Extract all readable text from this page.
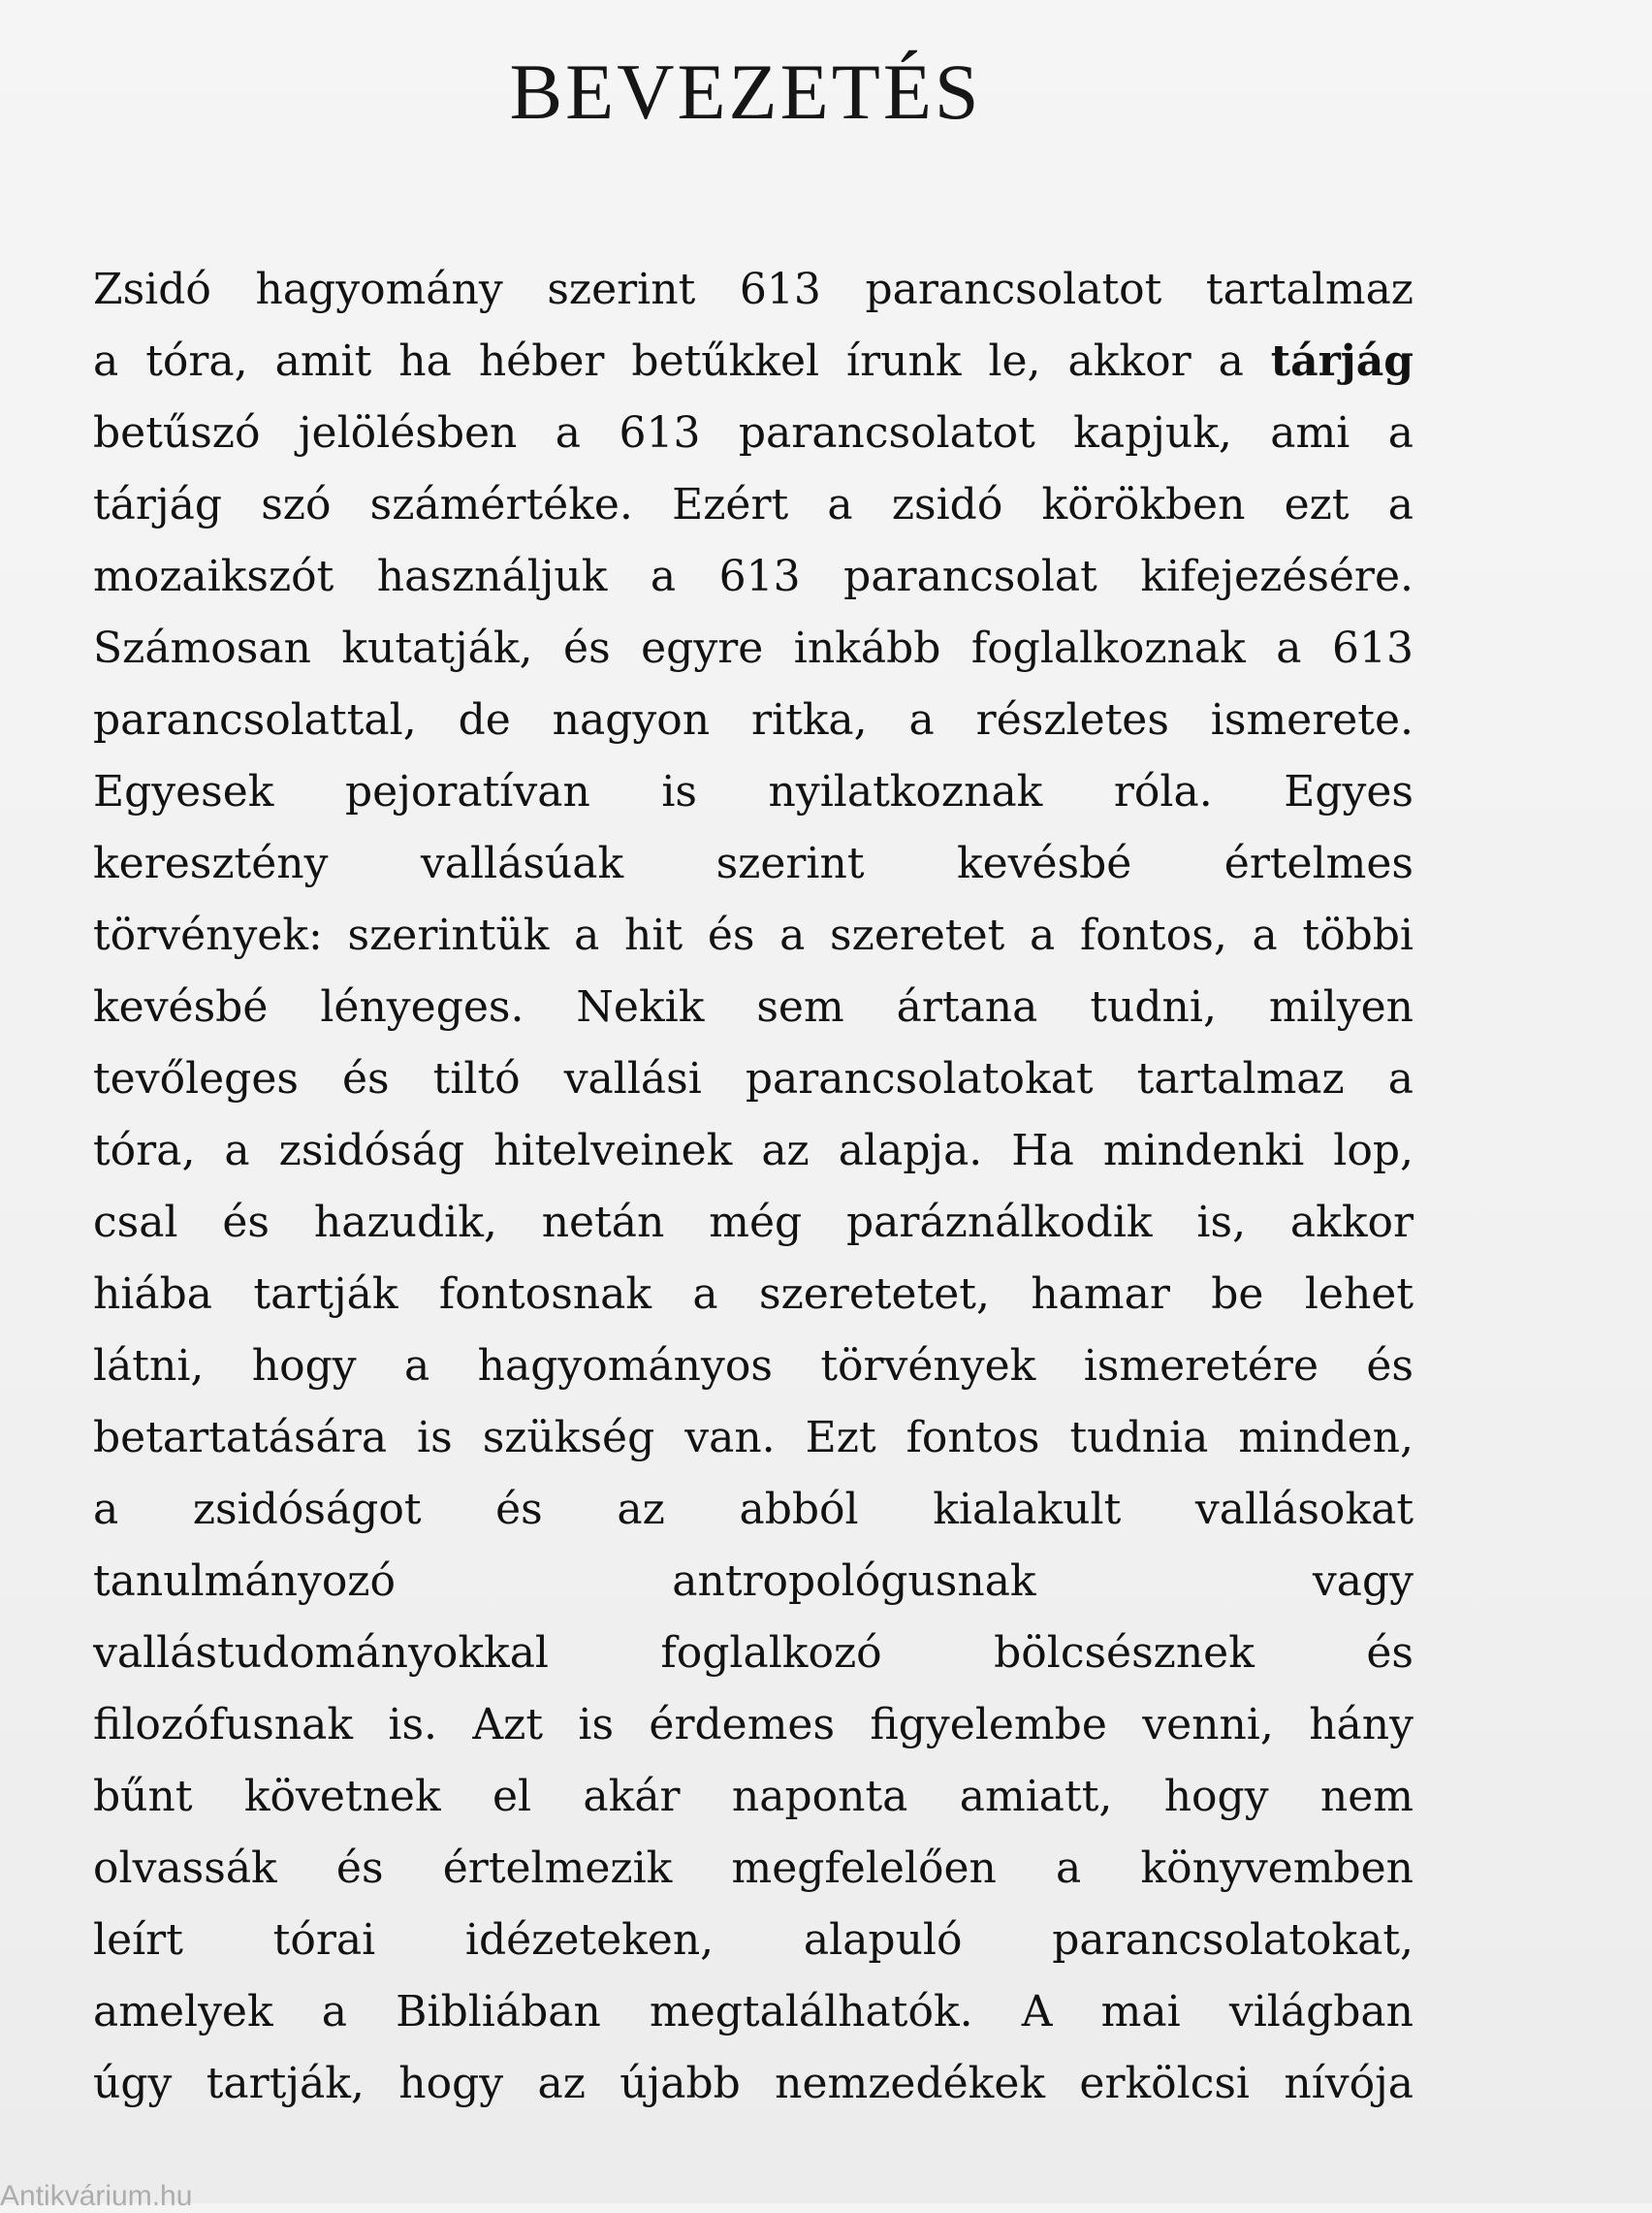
BEVEZETÉS
Zsidó hagyomány szerint 613 parancsolatot tartalmaz
a tóra, amit ha héber betűkkel írunk le, akkor a tárjág
betűszó jelölésben a 613 parancsolatot kapjuk, ami a
tárjág szó számértéke. Ezért a zsidó körökben ezt a
mozaikszót használjuk a 613 parancsolat kifejezésére.
Számosan kutatják, és egyre inkább foglalkoznak a 613
parancsolattal, de nagyon ritka, a részletes ismerete.
Egyesek pejoratívan is nyilatkoznak róla. Egyes
keresztény vallásúak szerint kevésbé értelmes
törvények: szerintük a hit és a szeretet a fontos, a többi
kevésbé lényeges. Nekik sem ártana tudni, milyen
tevőleges és tiltó vallási parancsolatokat tartalmaz a
tóra, a zsidóság hitelveinek az alapja. Ha mindenki lop,
csal és hazudik, netán még paráználkodik is, akkor
hiába tartják fontosnak a szeretetet, hamar be lehet
látni, hogy a hagyományos törvények ismeretére és
betartatására is szükség van. Ezt fontos tudnia minden,
a zsidóságot és az abból kialakult vallásokat
tanulmányozó antropológusnak vagy
vallástudományokkal foglalkozó bölcsésznek és
filozófusnak is. Azt is érdemes figyelembe venni, hány
bűnt követnek el akár naponta amiatt, hogy nem
olvassák és értelmezik megfelelően a könyvemben
leírt tórai idézeteken, alapuló parancsolatokat,
amelyek a Bibliában megtalálhatók. A mai világban
úgy tartják, hogy az újabb nemzedékek erkölcsi nívója
Antikvárium.hu
